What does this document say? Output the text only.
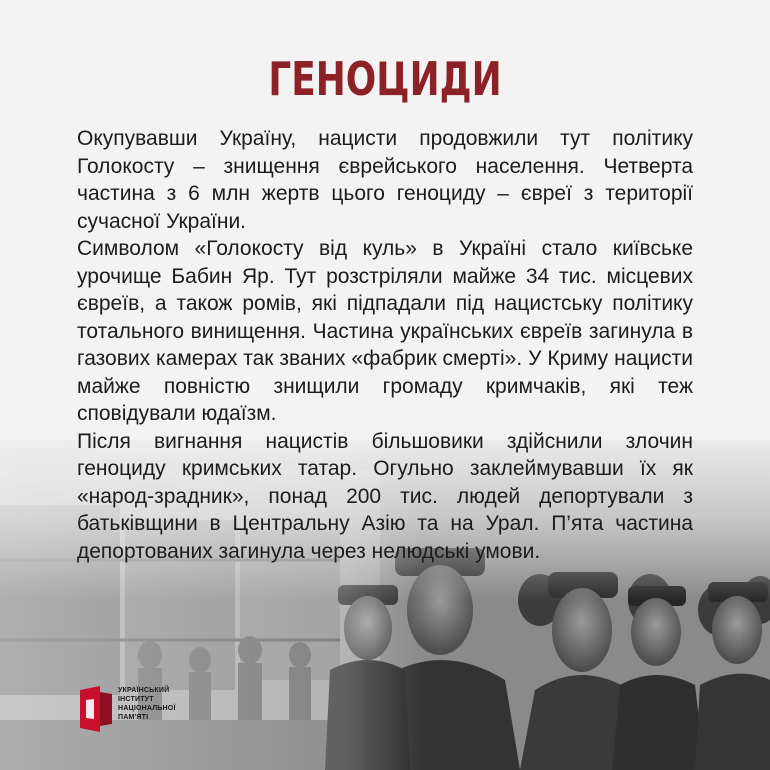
ГЕНОЦИДИ

Окупувавши Україну, нацисти продовжили тут політику Голокосту – знищення єврейського населення. Четверта частина з 6 млн жертв цього геноциду – євреї з території сучасної України.

Символом «Голокосту від куль» в Україні стало київське урочище Бабин Яр. Тут розстріляли майже 34 тис. місцевих євреїв, а також ромів, які підпадали під нацистську політику тотального винищення. Частина українських євреїв загинула в газових камерах так званих «фабрик смерті». У Криму нацисти майже повністю знищили громаду кримчаків, які теж сповідували юдаїзм.

Після вигнання нацистів більшовики здійснили злочин геноциду кримських татар. Огульно заклеймувавши їх як «народ-зрадник», понад 200 тис. людей депортували з батьківщини в Центральну Азію та на Урал. П’ята частина депортованих загинула через нелюдські умови.

УКРАЇНСЬКИЙ
ІНСТИТУТ
НАЦІОНАЛЬНОЇ
ПАМ'ЯТІ
